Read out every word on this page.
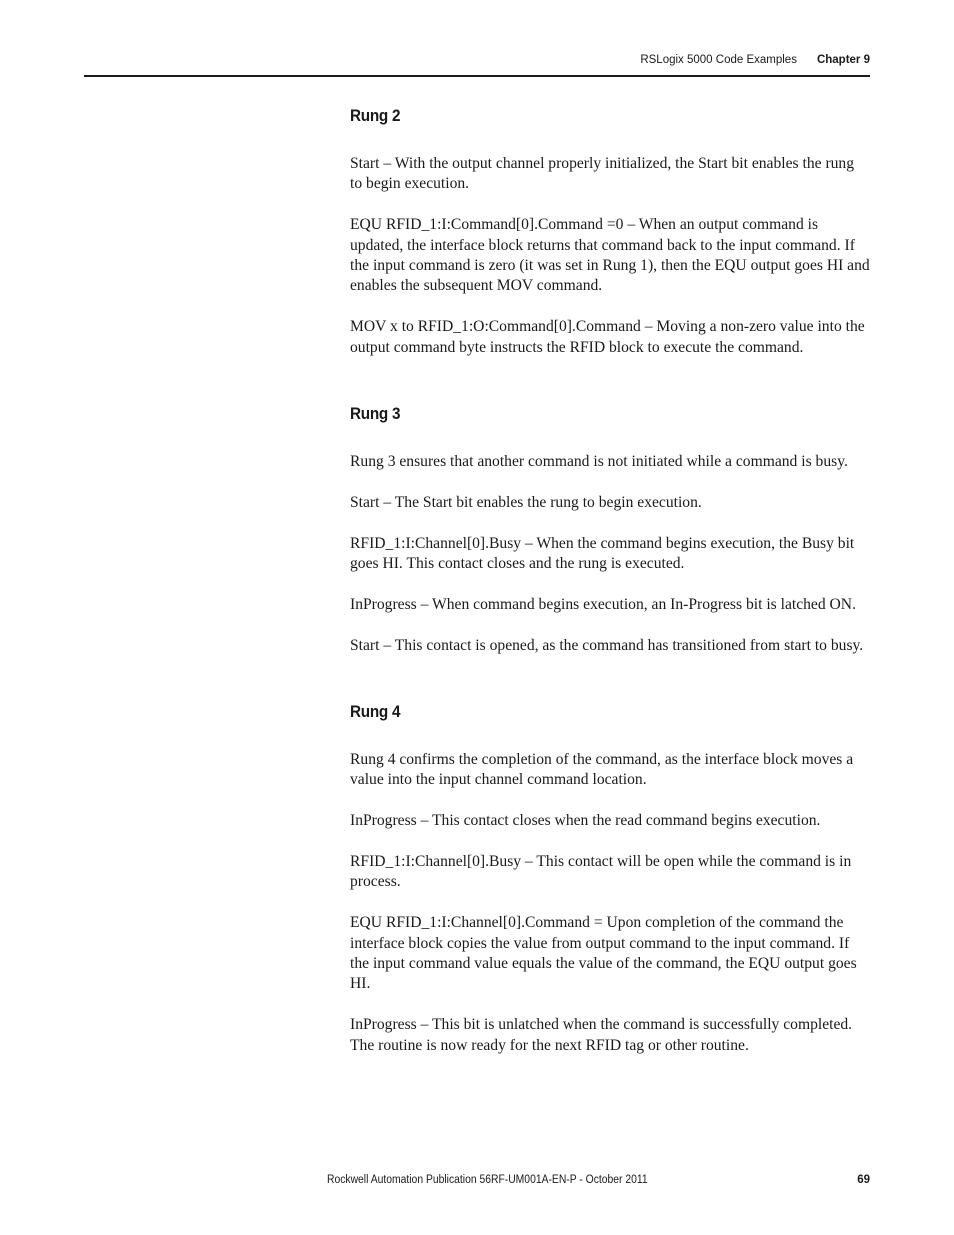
RSLogix 5000 Code Examples Chapter 9
Rung 2

Start – With the output channel properly initialized, the Start bit enables the rung to begin execution.

EQU RFID_1:I:Command[0].Command =0 – When an output command is updated, the interface block returns that command back to the input command. If the input command is zero (it was set in Rung 1), then the EQU output goes HI and enables the subsequent MOV command.

MOV x to RFID_1:O:Command[0].Command – Moving a non-zero value into the output command byte instructs the RFID block to execute the command.

Rung 3

Rung 3 ensures that another command is not initiated while a command is busy.

Start – The Start bit enables the rung to begin execution.

RFID_1:I:Channel[0].Busy – When the command begins execution, the Busy bit goes HI. This contact closes and the rung is executed.

InProgress – When command begins execution, an In-Progress bit is latched ON.

Start – This contact is opened, as the command has transitioned from start to busy.

Rung 4

Rung 4 confirms the completion of the command, as the interface block moves a value into the input channel command location.

InProgress – This contact closes when the read command begins execution.

RFID_1:I:Channel[0].Busy – This contact will be open while the command is in process.

EQU RFID_1:I:Channel[0].Command = Upon completion of the command the interface block copies the value from output command to the input command. If the input command value equals the value of the command, the EQU output goes HI.

InProgress – This bit is unlatched when the command is successfully completed. The routine is now ready for the next RFID tag or other routine.

Rockwell Automation Publication 56RF-UM001A-EN-P - October 2011	69
